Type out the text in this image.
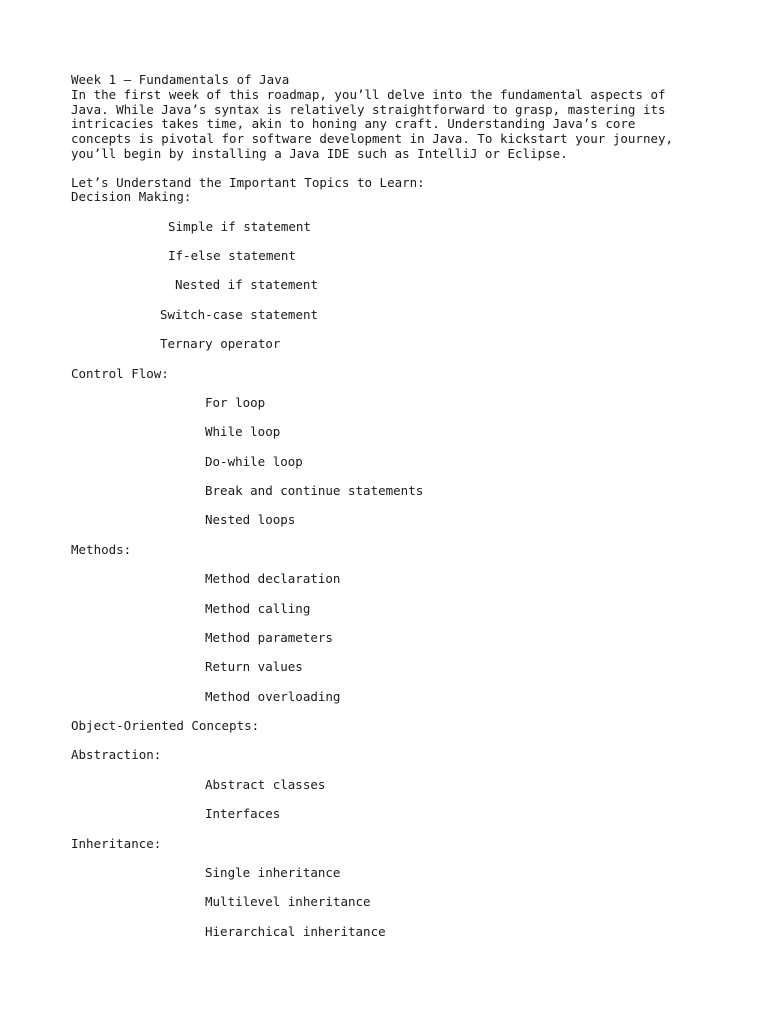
Week 1 – Fundamentals of Java
In the first week of this roadmap, you’ll delve into the fundamental aspects of
Java. While Java’s syntax is relatively straightforward to grasp, mastering its
intricacies takes time, akin to honing any craft. Understanding Java’s core
concepts is pivotal for software development in Java. To kickstart your journey,
you’ll begin by installing a Java IDE such as IntelliJ or Eclipse.
Let’s Understand the Important Topics to Learn:
Decision Making:
Simple if statement
If-else statement
Nested if statement
Switch-case statement
Ternary operator
Control Flow:
For loop
While loop
Do-while loop
Break and continue statements
Nested loops
Methods:
Method declaration
Method calling
Method parameters
Return values
Method overloading
Object-Oriented Concepts:
Abstraction:
Abstract classes
Interfaces
Inheritance:
Single inheritance
Multilevel inheritance
Hierarchical inheritance
